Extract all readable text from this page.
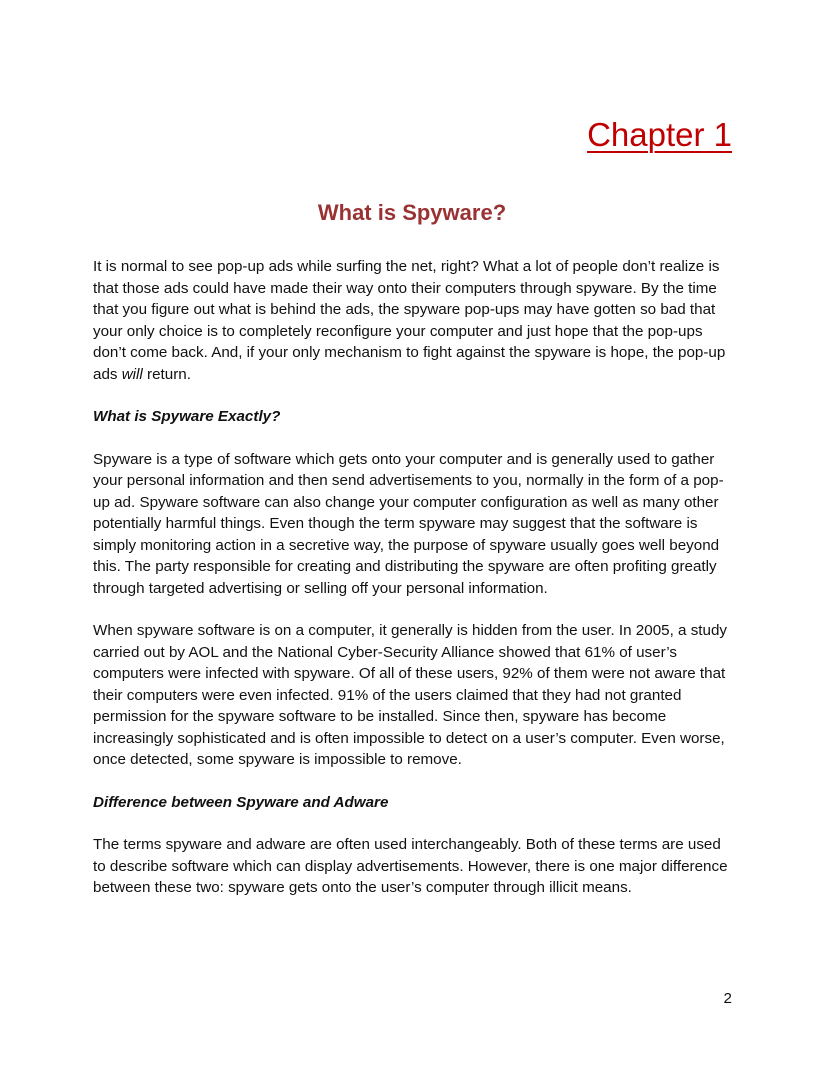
Chapter 1
What is Spyware?

It is normal to see pop-up ads while surfing the net, right? What a lot of people don’t realize is that those ads could have made their way onto their computers through spyware. By the time that you figure out what is behind the ads, the spyware pop-ups may have gotten so bad that your only choice is to completely reconfigure your computer and just hope that the pop-ups don’t come back. And, if your only mechanism to fight against the spyware is hope, the pop-up ads will return.

What is Spyware Exactly?

Spyware is a type of software which gets onto your computer and is generally used to gather your personal information and then send advertisements to you, normally in the form of a pop-up ad. Spyware software can also change your computer configuration as well as many other potentially harmful things. Even though the term spyware may suggest that the software is simply monitoring action in a secretive way, the purpose of spyware usually goes well beyond this. The party responsible for creating and distributing the spyware are often profiting greatly through targeted advertising or selling off your personal information.

When spyware software is on a computer, it generally is hidden from the user. In 2005, a study carried out by AOL and the National Cyber-Security Alliance showed that 61% of user’s computers were infected with spyware. Of all of these users, 92% of them were not aware that their computers were even infected. 91% of the users claimed that they had not granted permission for the spyware software to be installed. Since then, spyware has become increasingly sophisticated and is often impossible to detect on a user’s computer. Even worse, once detected, some spyware is impossible to remove.

Difference between Spyware and Adware

The terms spyware and adware are often used interchangeably. Both of these terms are used to describe software which can display advertisements. However, there is one major difference between these two: spyware gets onto the user’s computer through illicit means.

2
